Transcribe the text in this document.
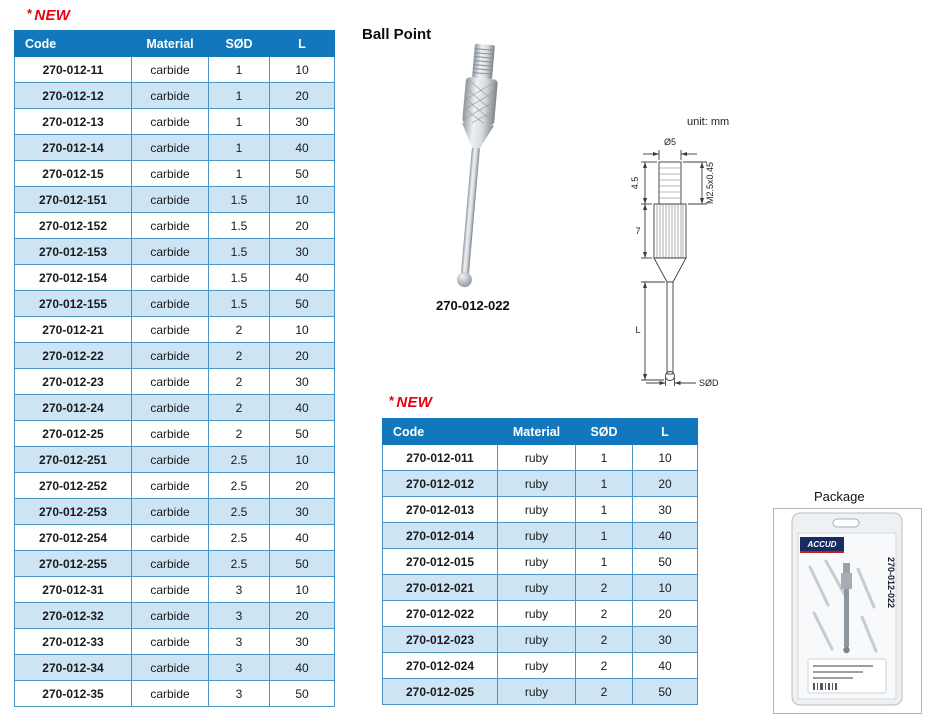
* NEW
Code	Material	SØD	L
270-012-11	carbide	1	10
270-012-12	carbide	1	20
270-012-13	carbide	1	30
270-012-14	carbide	1	40
270-012-15	carbide	1	50
270-012-151	carbide	1.5	10
270-012-152	carbide	1.5	20
270-012-153	carbide	1.5	30
270-012-154	carbide	1.5	40
270-012-155	carbide	1.5	50
270-012-21	carbide	2	10
270-012-22	carbide	2	20
270-012-23	carbide	2	30
270-012-24	carbide	2	40
270-012-25	carbide	2	50
270-012-251	carbide	2.5	10
270-012-252	carbide	2.5	20
270-012-253	carbide	2.5	30
270-012-254	carbide	2.5	40
270-012-255	carbide	2.5	50
270-012-31	carbide	3	10
270-012-32	carbide	3	20
270-012-33	carbide	3	30
270-012-34	carbide	3	40
270-012-35	carbide	3	50
Ball Point
270-012-022
unit: mm
Ø5
4.5
7
L
M2.5x0.45
SØD
* NEW
Code	Material	SØD	L
270-012-011	ruby	1	10
270-012-012	ruby	1	20
270-012-013	ruby	1	30
270-012-014	ruby	1	40
270-012-015	ruby	1	50
270-012-021	ruby	2	10
270-012-022	ruby	2	20
270-012-023	ruby	2	30
270-012-024	ruby	2	40
270-012-025	ruby	2	50
Package
ACCUD
270-012-022
